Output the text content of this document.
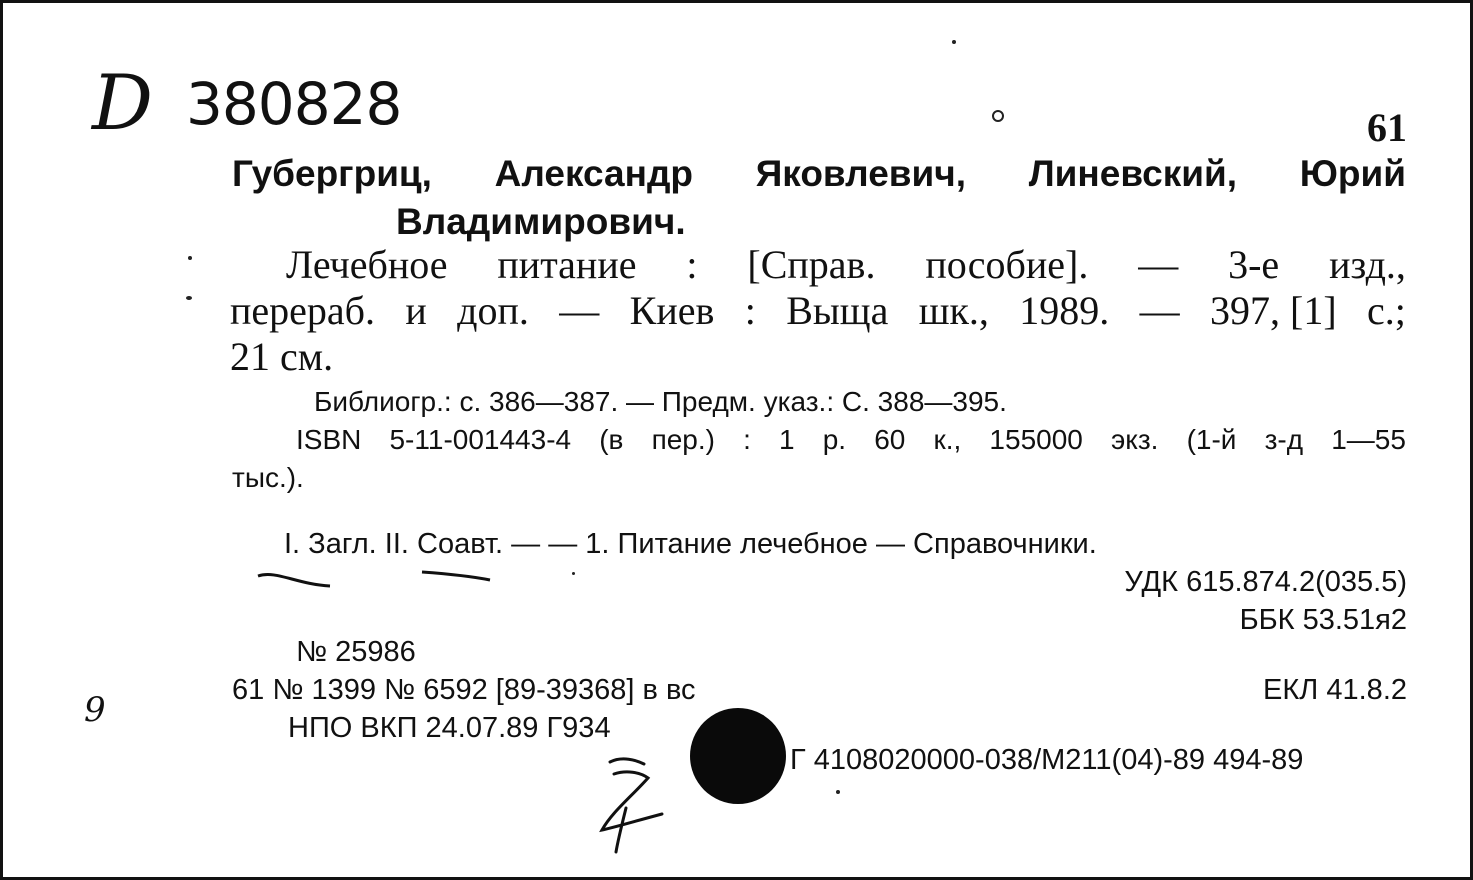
D 380828	61
Губергриц, Александр Яковлевич, Линевский, Юрий
Владимирович.
Лечебное питание : [Справ. пособие]. — 3-е изд.,
перераб. и доп. — Киев : Выща шк., 1989. — 397, [1] с.;
21 см.
Библиогр.: с. 386—387. — Предм. указ.: С. 388—395.
ISBN 5-11-001443-4 (в пер.) : 1 р. 60 к., 155000 экз. (1-й з-д 1—55
тыс.).
I. Загл. II. Соавт. — — 1. Питание лечебное — Справочники.
УДК 615.874.2(035.5)
ББК 53.51я2
№ 25986
61 № 1399 № 6592 [89-39368] в вс	ЕКЛ 41.8.2
НПО ВКП 24.07.89 Г934
Г 4108020000-038/М211(04)-89 494-89
9
